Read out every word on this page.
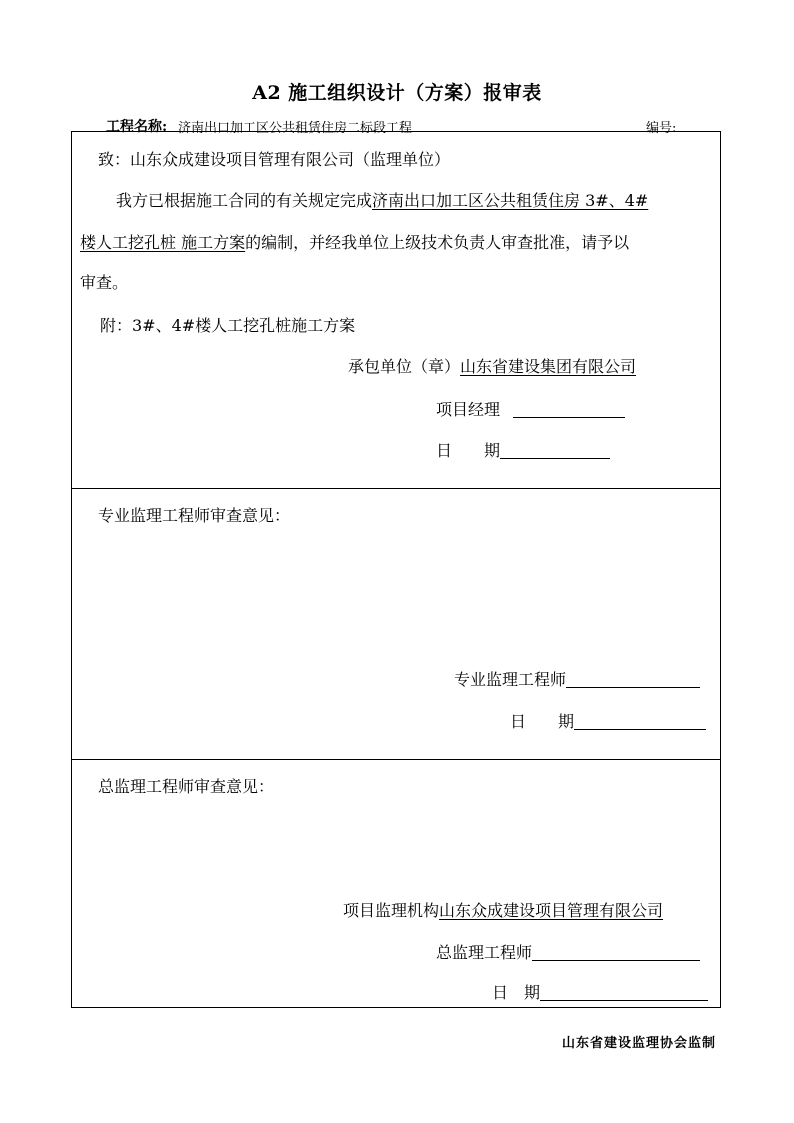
A2 施工组织设计（方案）报审表
工程名称: 济南出口加工区公共租赁住房二标段工程	编号:
致：山东众成建设项目管理有限公司（监理单位）
我方已根据施工合同的有关规定完成济南出口加工区公共租赁住房 3#、4#
楼人工挖孔桩 施工方案的编制，并经我单位上级技术负责人审查批准，请予以
审查。
附：3#、4#楼人工挖孔桩施工方案
承包单位（章）山东省建设集团有限公司
项目经理
日　　期
专业监理工程师审查意见：
专业监理工程师
日　　期
总监理工程师审查意见：
项目监理机构山东众成建设项目管理有限公司
总监理工程师
日　期
山东省建设监理协会监制
